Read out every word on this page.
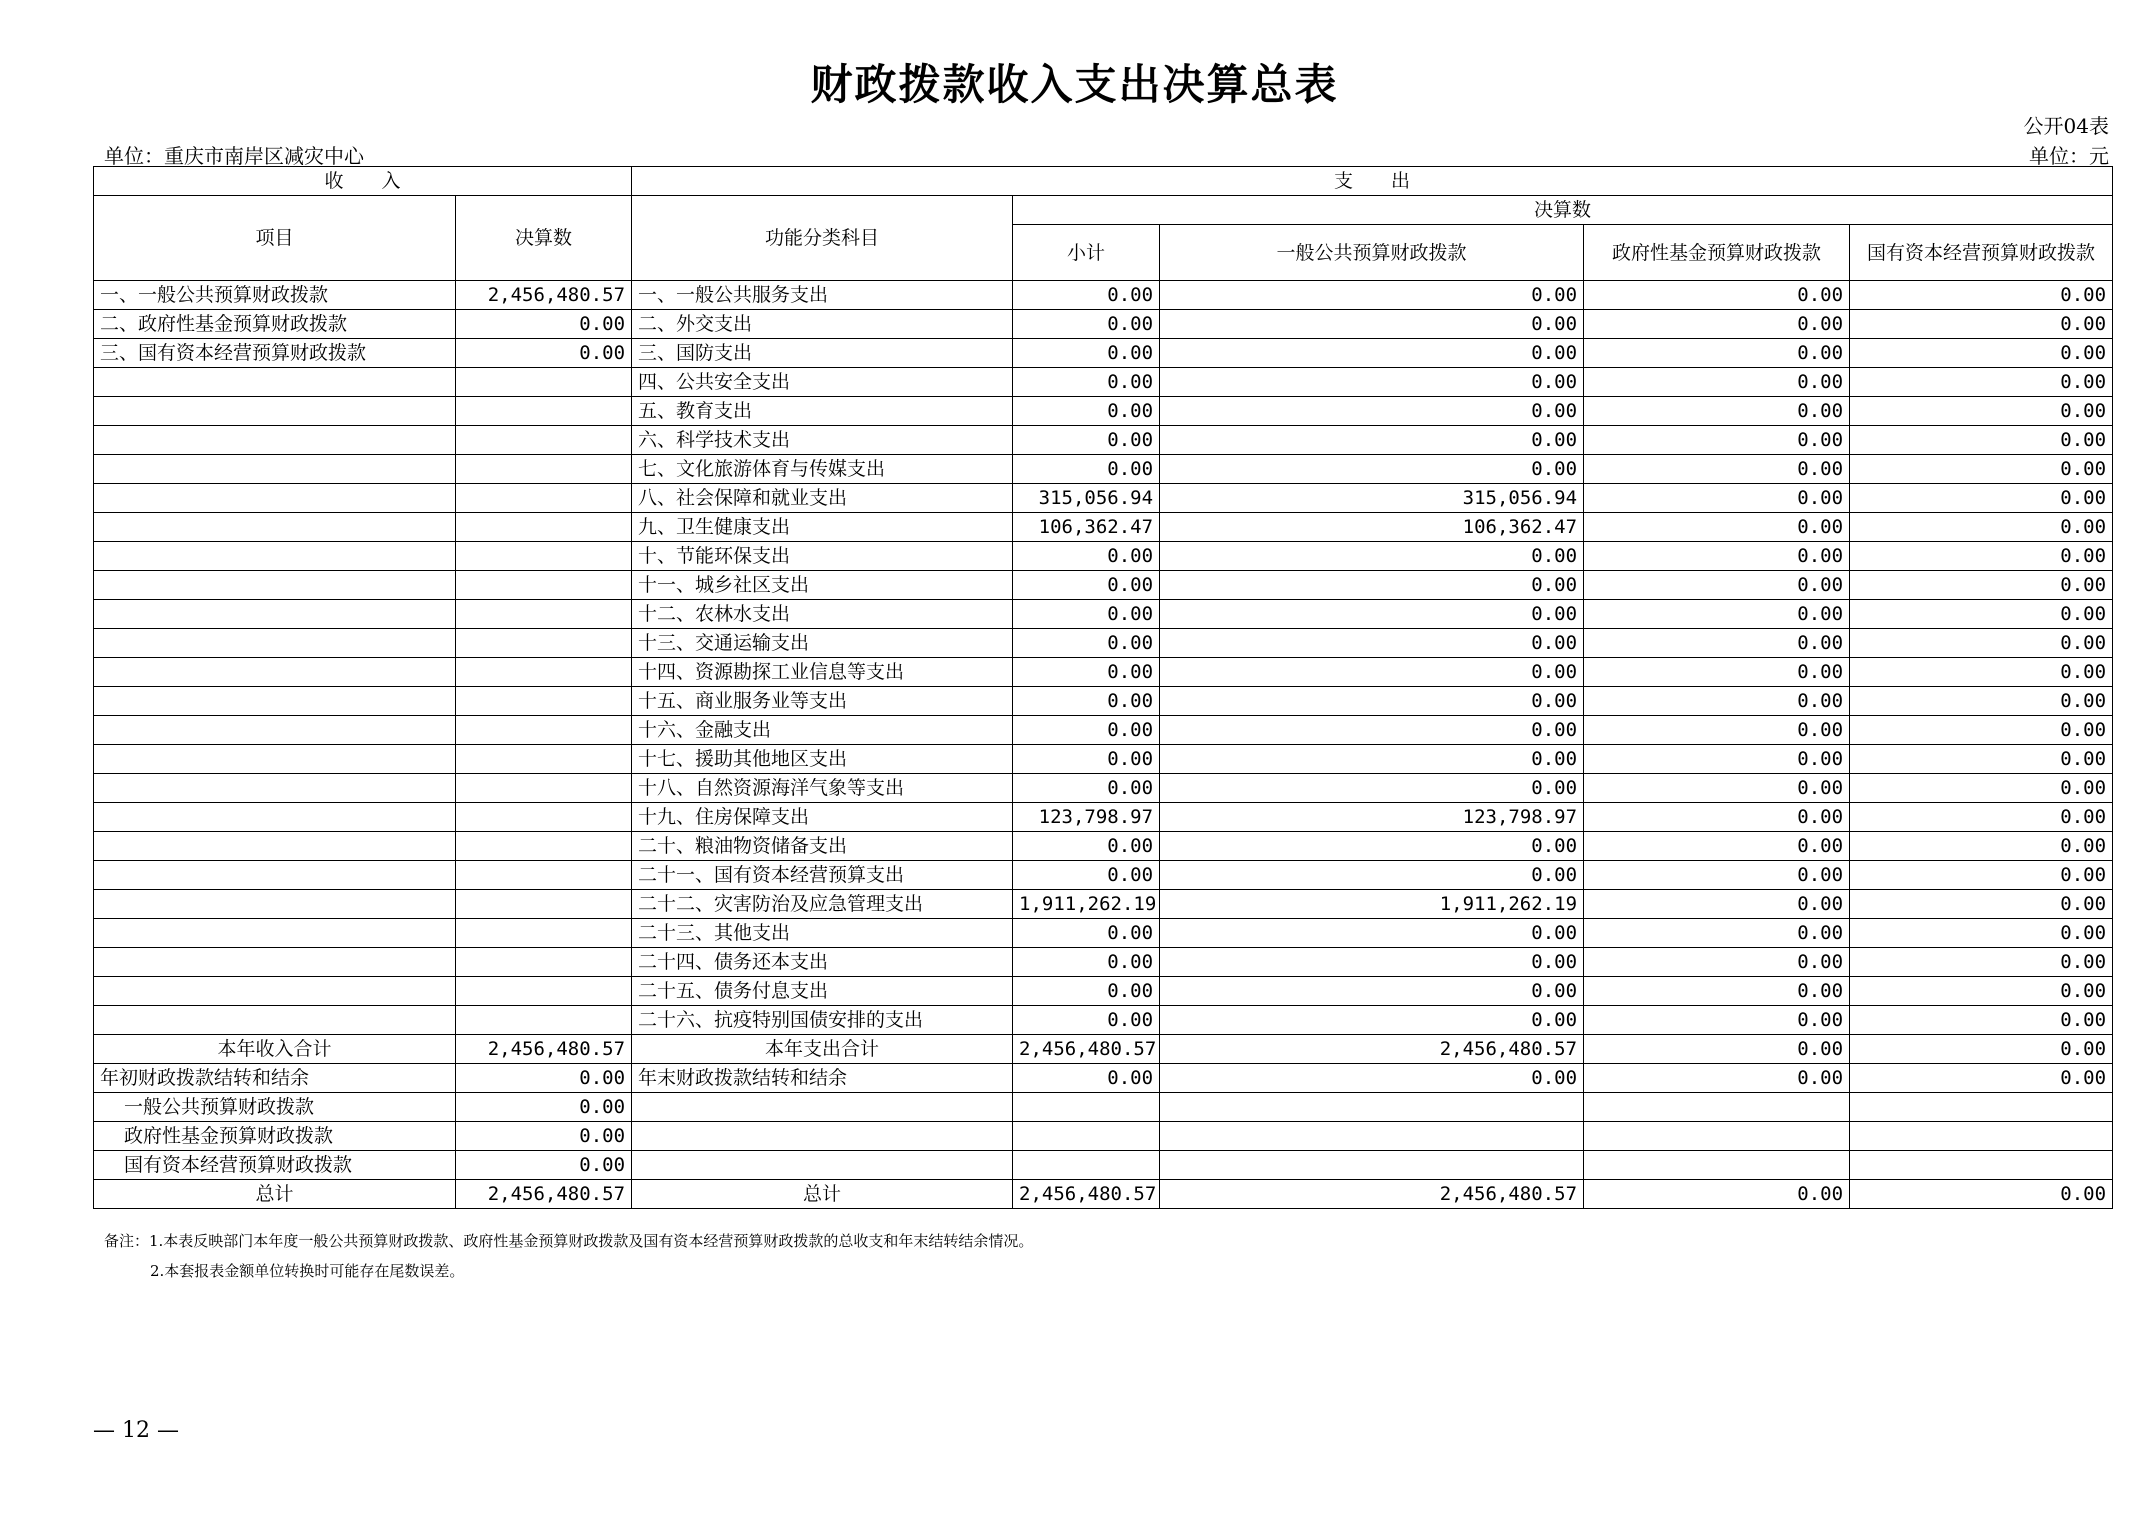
财政拨款收入支出决算总表
公开04表
单位：重庆市南岸区减灾中心	单位：元
收　　入		支　　出				
项目	决算数	功能分类科目	决算数			
			小计	一般公共预算财政拨款	政府性基金预算财政拨款	国有资本经营预算财政拨款
一、一般公共预算财政拨款	2,456,480.57	一、一般公共服务支出	0.00	0.00	0.00	0.00
二、政府性基金预算财政拨款	0.00	二、外交支出	0.00	0.00	0.00	0.00
三、国有资本经营预算财政拨款	0.00	三、国防支出	0.00	0.00	0.00	0.00
		四、公共安全支出	0.00	0.00	0.00	0.00
		五、教育支出	0.00	0.00	0.00	0.00
		六、科学技术支出	0.00	0.00	0.00	0.00
		七、文化旅游体育与传媒支出	0.00	0.00	0.00	0.00
		八、社会保障和就业支出	315,056.94	315,056.94	0.00	0.00
		九、卫生健康支出	106,362.47	106,362.47	0.00	0.00
		十、节能环保支出	0.00	0.00	0.00	0.00
		十一、城乡社区支出	0.00	0.00	0.00	0.00
		十二、农林水支出	0.00	0.00	0.00	0.00
		十三、交通运输支出	0.00	0.00	0.00	0.00
		十四、资源勘探工业信息等支出	0.00	0.00	0.00	0.00
		十五、商业服务业等支出	0.00	0.00	0.00	0.00
		十六、金融支出	0.00	0.00	0.00	0.00
		十七、援助其他地区支出	0.00	0.00	0.00	0.00
		十八、自然资源海洋气象等支出	0.00	0.00	0.00	0.00
		十九、住房保障支出	123,798.97	123,798.97	0.00	0.00
		二十、粮油物资储备支出	0.00	0.00	0.00	0.00
		二十一、国有资本经营预算支出	0.00	0.00	0.00	0.00
		二十二、灾害防治及应急管理支出	1,911,262.19	1,911,262.19	0.00	0.00
		二十三、其他支出	0.00	0.00	0.00	0.00
		二十四、债务还本支出	0.00	0.00	0.00	0.00
		二十五、债务付息支出	0.00	0.00	0.00	0.00
		二十六、抗疫特别国债安排的支出	0.00	0.00	0.00	0.00
本年收入合计	2,456,480.57	本年支出合计	2,456,480.57	2,456,480.57	0.00	0.00
年初财政拨款结转和结余	0.00	年末财政拨款结转和结余	0.00	0.00	0.00	0.00
一般公共预算财政拨款	0.00					
政府性基金预算财政拨款	0.00					
国有资本经营预算财政拨款	0.00					
总计	2,456,480.57	总计	2,456,480.57	2,456,480.57	0.00	0.00
备注：1.本表反映部门本年度一般公共预算财政拨款、政府性基金预算财政拨款及国有资本经营预算财政拨款的总收支和年末结转结余情况。
2.本套报表金额单位转换时可能存在尾数误差。
— 12 —
